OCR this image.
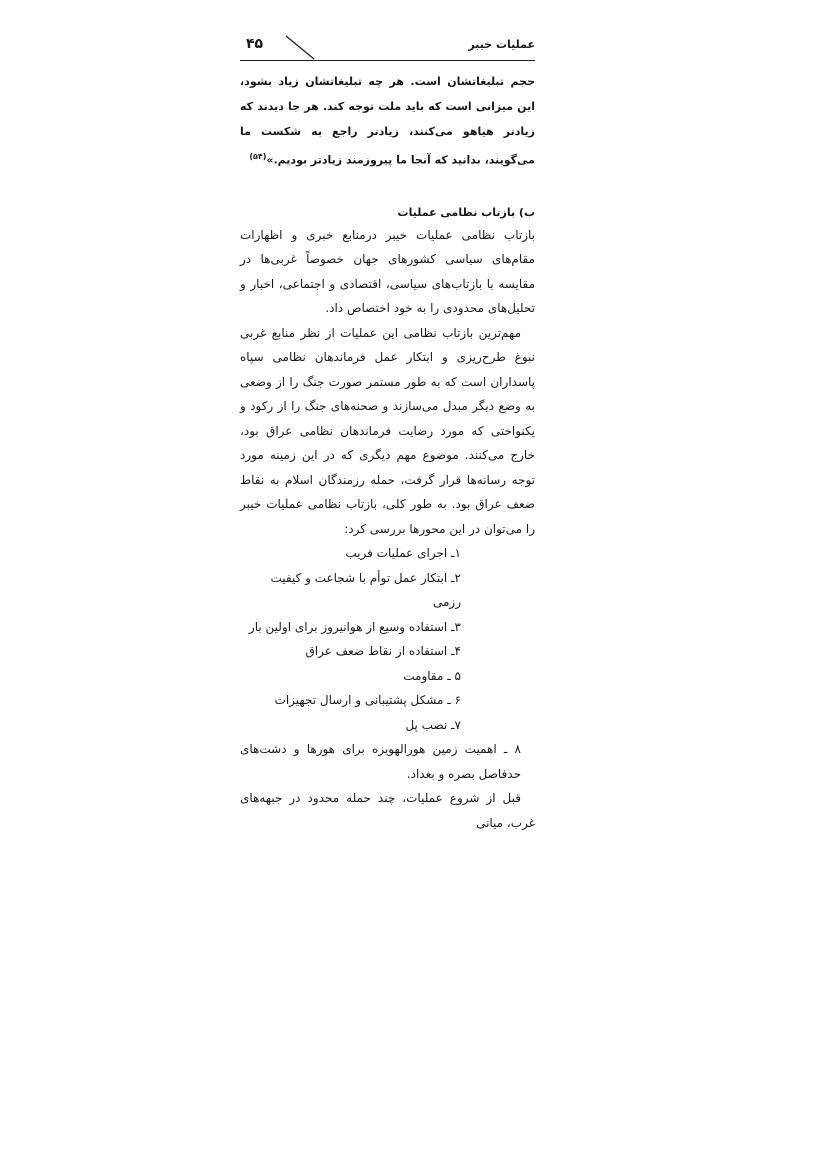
عملیات خیبر
۴۵

حجم تبلیغاتشان است. هر چه تبلیغاتشان زیاد بشود، این میزانی است که باید ملت توجه کند. هر جا دیدند که زیادتر هیاهو می‌کنند، زیادتر راجع به شکست ما می‌گویند، بدانید که آنجا ما پیروزمند زیادتر بودیم.»$^{(۵۴)}$

ب) بازتاب نظامی عملیات

بازتاب نظامی عملیات خیبر درمنابع خبری و اظهارات مقام‌های سیاسی کشورهای جهان خصوصاً غربی‌ها در مقایسه با بازتاب‌های سیاسی، اقتصادی و اجتماعی، اخبار و تحلیل‌های محدودی را به خود اختصاص داد.

مهم‌ترین بازتاب نظامی این عملیات از نظر منابع غربی نبوغ طرح‌ریزی و ابتکار عمل فرماندهان نظامی سپاه پاسداران است که به طور مستمر صورت جنگ را از وضعی به وضع دیگر مبدل می‌سازند و صحنه‌های جنگ را از رکود و یکنواختی که مورد رضایت فرماندهان نظامی عراق بود، خارج می‌کنند. موضوع مهم دیگری که در این زمینه مورد توجه رسانه‌ها قرار گرفت، حمله رزمندگان اسلام به نقاط ضعف عراق بود. به طور کلی، بازتاب نظامی عملیات خیبر را می‌توان در این محورها بررسی کرد:

۱ـ اجرای عملیات فریب
۲ـ ابتکار عمل توأم با شجاعت و کیفیت رزمی
۳ـ استفاده وسیع از هوانیروز برای اولین بار
۴ـ استفاده از نقاط ضعف عراق
۵ ـ مقاومت
۶ ـ مشکل پشتیبانی و ارسال تجهیزات
۷ـ نصب پل
۸ ـ اهمیت زمین هورالهویزه برای هورها و دشت‌های حدفاصل بصره و بغداد.

قبل از شروع عملیات، چند حمله محدود در جبهه‌های غرب، میانی
